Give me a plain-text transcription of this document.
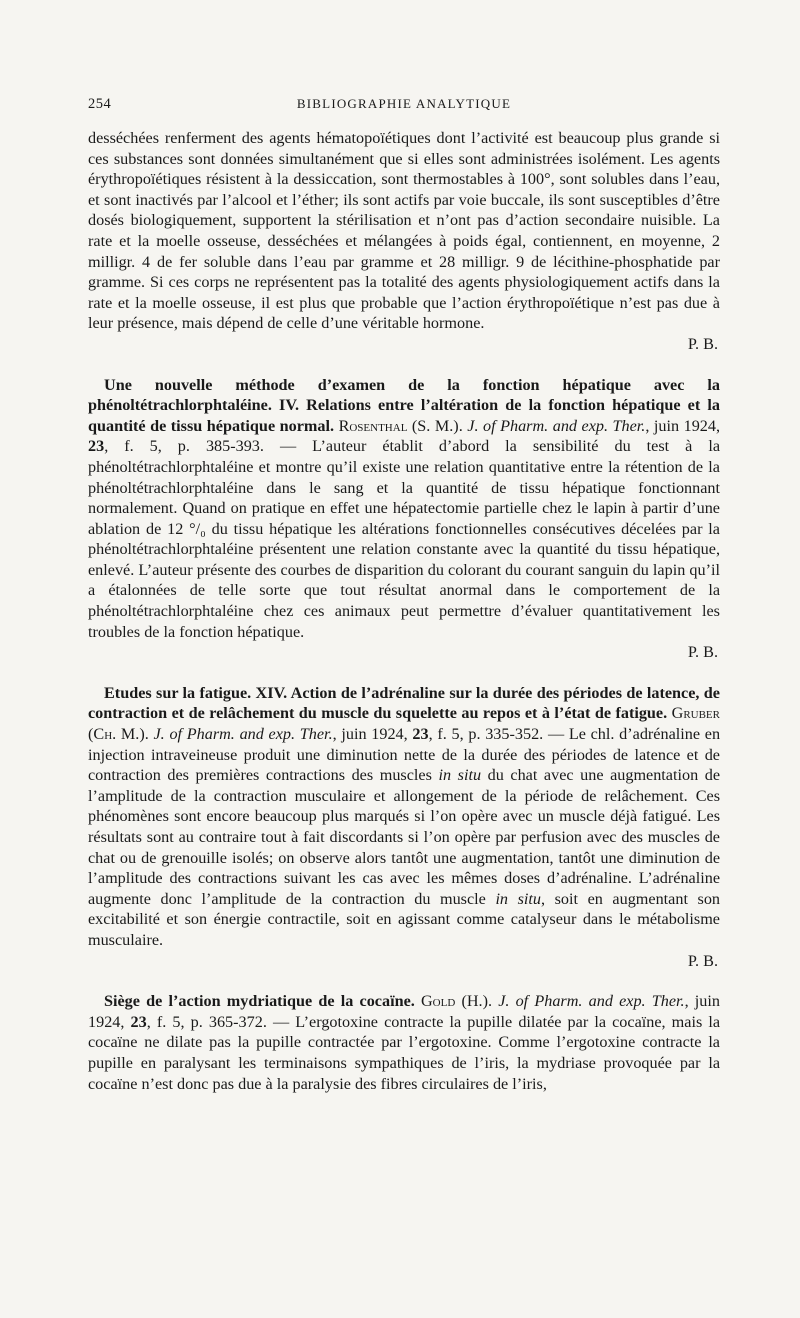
254	BIBLIOGRAPHIE ANALYTIQUE

desséchées renferment des agents hématopoïétiques dont l’activité est beaucoup plus grande si ces substances sont données simultanément que si elles sont administrées isolément. Les agents érythropoïétiques résistent à la dessiccation, sont thermostables à 100°, sont solubles dans l’eau, et sont inactivés par l’alcool et l’éther; ils sont actifs par voie buccale, ils sont susceptibles d’être dosés biologiquement, supportent la stérilisation et n’ont pas d’action secondaire nuisible. La rate et la moelle osseuse, desséchées et mélangées à poids égal, contiennent, en moyenne, 2 milligr. 4 de fer soluble dans l’eau par gramme et 28 milligr. 9 de lécithine-phosphatide par gramme. Si ces corps ne représentent pas la totalité des agents physiologiquement actifs dans la rate et la moelle osseuse, il est plus que probable que l’action érythropoïétique n’est pas due à leur présence, mais dépend de celle d’une véritable hormone.

P. B.

Une nouvelle méthode d’examen de la fonction hépatique avec la phénoltétrachlorphtaléine. IV. Relations entre l’altération de la fonction hépatique et la quantité de tissu hépatique normal. Rosenthal (S. M.). J. of Pharm. and exp. Ther., juin 1924, 23, f. 5, p. 385-393. — L’auteur établit d’abord la sensibilité du test à la phénoltétrachlorphtaléine et montre qu’il existe une relation quantitative entre la rétention de la phénoltétrachlorphtaléine dans le sang et la quantité de tissu hépatique fonctionnant normalement. Quand on pratique en effet une hépatectomie partielle chez le lapin à partir d’une ablation de 12 °/₀ du tissu hépatique les altérations fonctionnelles consécutives décelées par la phénoltétrachlorphtaléine présentent une relation constante avec la quantité du tissu hépatique, enlevé. L’auteur présente des courbes de disparition du colorant du courant sanguin du lapin qu’il a étalonnées de telle sorte que tout résultat anormal dans le comportement de la phénoltétrachlorphtaléine chez ces animaux peut permettre d’évaluer quantitativement les troubles de la fonction hépatique.

P. B.

Etudes sur la fatigue. XIV. Action de l’adrénaline sur la durée des périodes de latence, de contraction et de relâchement du muscle du squelette au repos et à l’état de fatigue. Gruber (Ch. M.). J. of Pharm. and exp. Ther., juin 1924, 23, f. 5, p. 335-352. — Le chl. d’adrénaline en injection intraveineuse produit une diminution nette de la durée des périodes de latence et de contraction des premières contractions des muscles in situ du chat avec une augmentation de l’amplitude de la contraction musculaire et allongement de la période de relâchement. Ces phénomènes sont encore beaucoup plus marqués si l’on opère avec un muscle déjà fatigué. Les résultats sont au contraire tout à fait discordants si l’on opère par perfusion avec des muscles de chat ou de grenouille isolés; on observe alors tantôt une augmentation, tantôt une diminution de l’amplitude des contractions suivant les cas avec les mêmes doses d’adrénaline. L’adrénaline augmente donc l’amplitude de la contraction du muscle in situ, soit en augmentant son excitabilité et son énergie contractile, soit en agissant comme catalyseur dans le métabolisme musculaire.

P. B.

Siège de l’action mydriatique de la cocaïne. Gold (H.). J. of Pharm. and exp. Ther., juin 1924, 23, f. 5, p. 365-372. — L’ergotoxine contracte la pupille dilatée par la cocaïne, mais la cocaïne ne dilate pas la pupille contractée par l’ergotoxine. Comme l’ergotoxine contracte la pupille en paralysant les terminaisons sympathiques de l’iris, la mydriase provoquée par la cocaïne n’est donc pas due à la paralysie des fibres circulaires de l’iris,
